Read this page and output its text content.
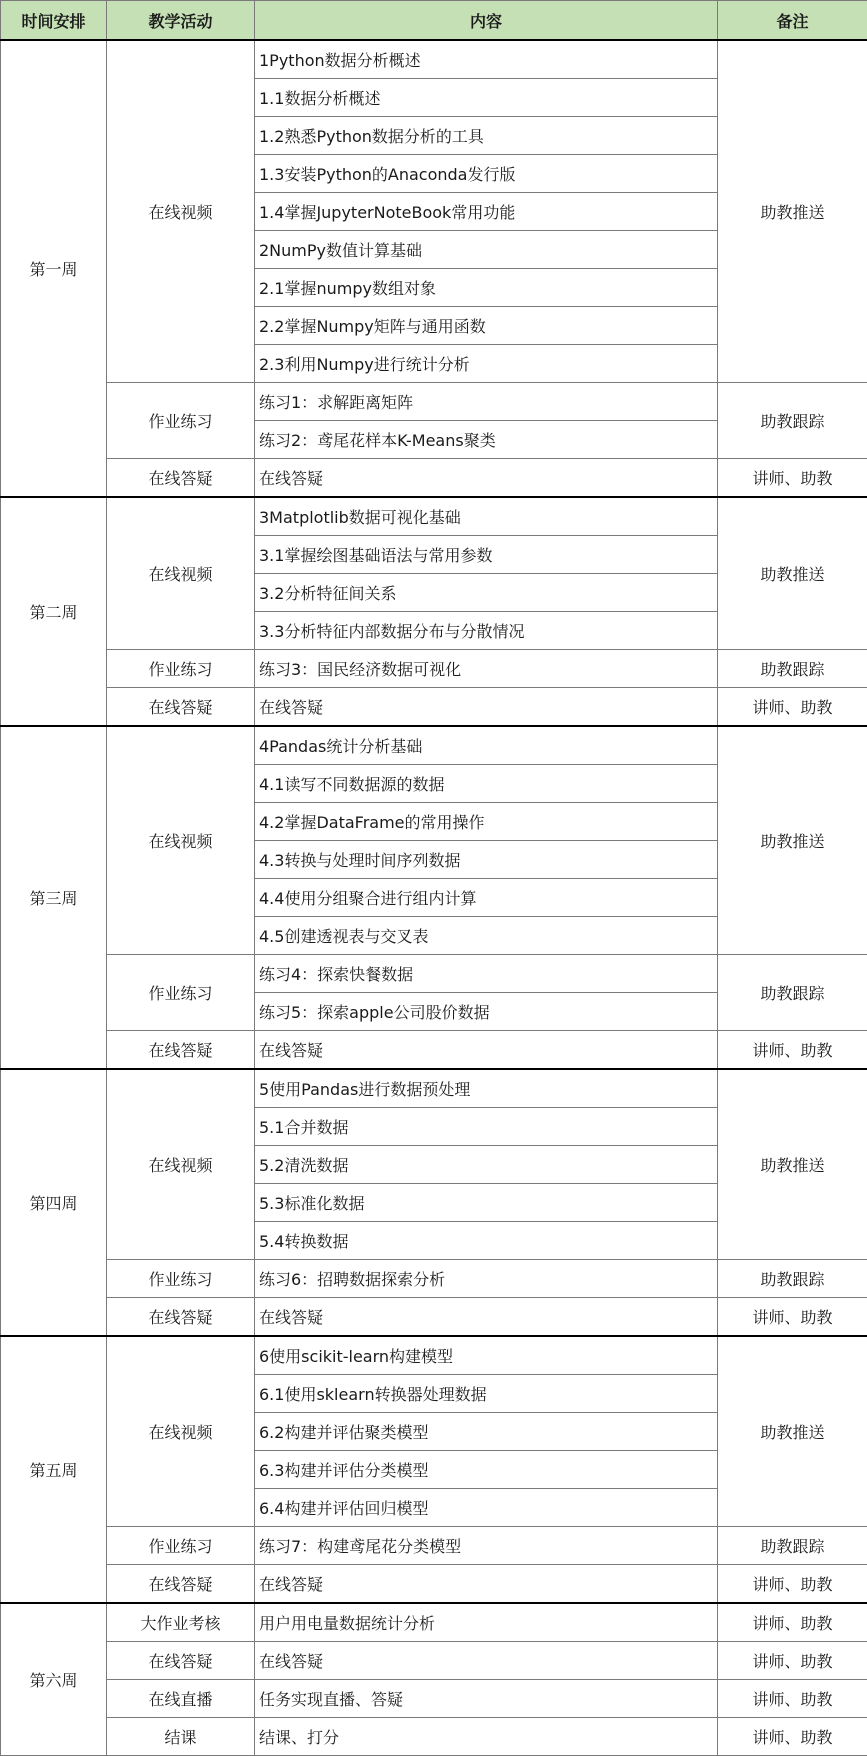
时间安排	教学活动	内容	备注
第一周	在线视频	1Python数据分析概述	助教推送
		1.1数据分析概述	
		1.2熟悉Python数据分析的工具	
		1.3安装Python的Anaconda发行版	
		1.4掌握JupyterNoteBook常用功能	
		2NumPy数值计算基础	
		2.1掌握numpy数组对象	
		2.2掌握Numpy矩阵与通用函数	
		2.3利用Numpy进行统计分析	
	作业练习	练习1：求解距离矩阵	助教跟踪
		练习2：鸢尾花样本K-Means聚类	
	在线答疑	在线答疑	讲师、助教
第二周	在线视频	3Matplotlib数据可视化基础	助教推送
		3.1掌握绘图基础语法与常用参数	
		3.2分析特征间关系	
		3.3分析特征内部数据分布与分散情况	
	作业练习	练习3：国民经济数据可视化	助教跟踪
	在线答疑	在线答疑	讲师、助教
第三周	在线视频	4Pandas统计分析基础	助教推送
		4.1读写不同数据源的数据	
		4.2掌握DataFrame的常用操作	
		4.3转换与处理时间序列数据	
		4.4使用分组聚合进行组内计算	
		4.5创建透视表与交叉表	
	作业练习	练习4：探索快餐数据	助教跟踪
		练习5：探索apple公司股价数据	
	在线答疑	在线答疑	讲师、助教
第四周	在线视频	5使用Pandas进行数据预处理	助教推送
		5.1合并数据	
		5.2清洗数据	
		5.3标准化数据	
		5.4转换数据	
	作业练习	练习6：招聘数据探索分析	助教跟踪
	在线答疑	在线答疑	讲师、助教
第五周	在线视频	6使用scikit-learn构建模型	助教推送
		6.1使用sklearn转换器处理数据	
		6.2构建并评估聚类模型	
		6.3构建并评估分类模型	
		6.4构建并评估回归模型	
	作业练习	练习7：构建鸢尾花分类模型	助教跟踪
	在线答疑	在线答疑	讲师、助教
第六周	大作业考核	用户用电量数据统计分析	讲师、助教
	在线答疑	在线答疑	讲师、助教
	在线直播	任务实现直播、答疑	讲师、助教
	结课	结课、打分	讲师、助教
